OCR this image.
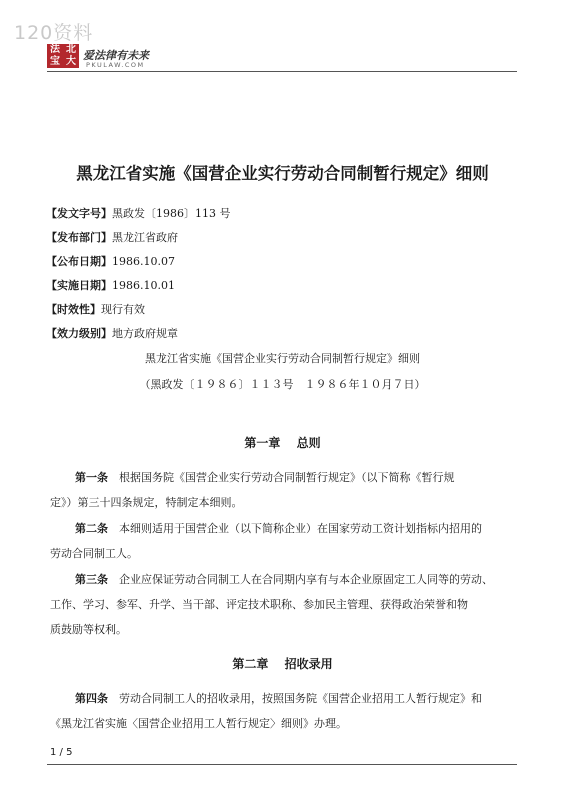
120资料
法 北
宝 大 爱法律有未来
PKULAW.COM
黑龙江省实施《国营企业实行劳动合同制暂行规定》细则
【发文字号】黑政发〔1986〕113 号
【发布部门】黑龙江省政府
【公布日期】1986.10.07
【实施日期】1986.10.01
【时效性】现行有效
【效力级别】地方政府规章
黑龙江省实施《国营企业实行劳动合同制暂行规定》细则
（黑政发〔１９８６〕１１３号　１９８６年１０月７日）
第一章　 总则
第一条　 根据国务院《国营企业实行劳动合同制暂行规定》（以下简称《暂行规
定》）第三十四条规定，特制定本细则。
第二条　 本细则适用于国营企业（以下简称企业）在国家劳动工资计划指标内招用的
劳动合同制工人。
第三条　 企业应保证劳动合同制工人在合同期内享有与本企业原固定工人同等的劳动、
工作、学习、参军、升学、当干部、评定技术职称、参加民主管理、获得政治荣誉和物
质鼓励等权利。
第二章　 招收录用
第四条　 劳动合同制工人的招收录用，按照国务院《国营企业招用工人暂行规定》和
《黑龙江省实施〈国营企业招用工人暂行规定〉细则》办理。
1 / 5
